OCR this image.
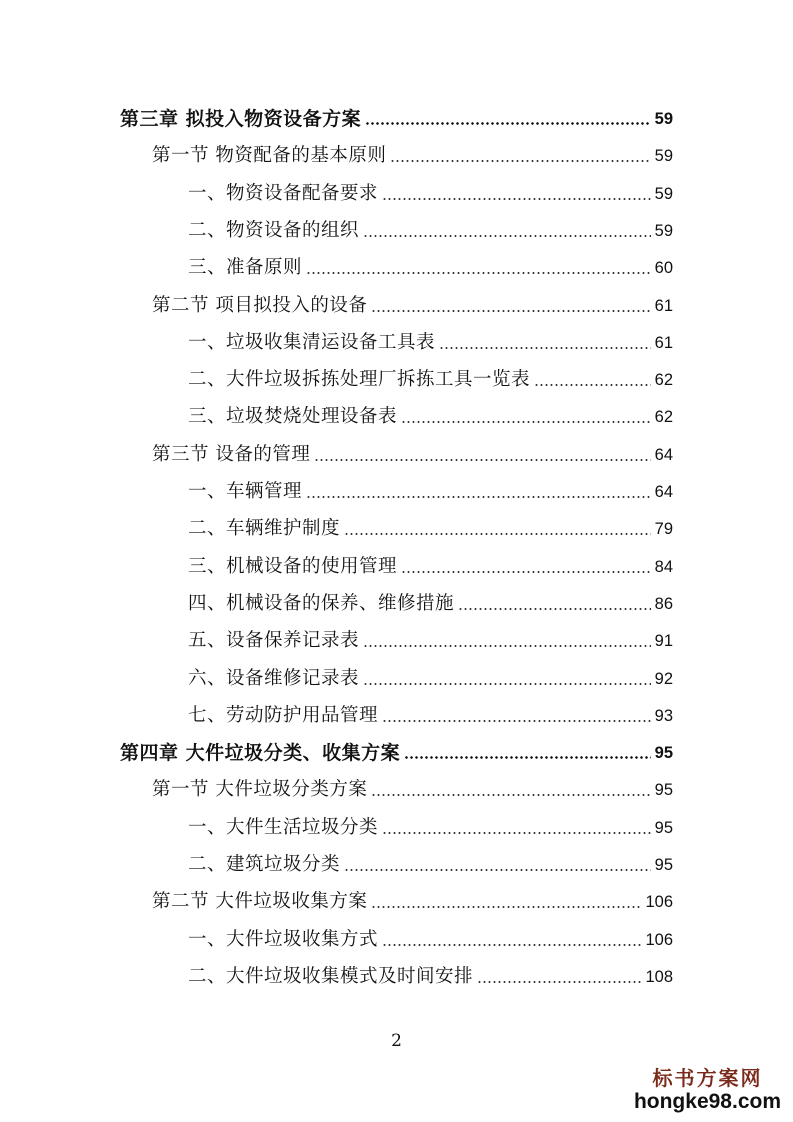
第三章 拟投入物资设备方案	59
第一节 物资配备的基本原则	59
一、物资设备配备要求	59
二、物资设备的组织	59
三、准备原则	60
第二节 项目拟投入的设备	61
一、垃圾收集清运设备工具表	61
二、大件垃圾拆拣处理厂拆拣工具一览表	62
三、垃圾焚烧处理设备表	62
第三节 设备的管理	64
一、车辆管理	64
二、车辆维护制度	79
三、机械设备的使用管理	84
四、机械设备的保养、维修措施	86
五、设备保养记录表	91
六、设备维修记录表	92
七、劳动防护用品管理	93
第四章 大件垃圾分类、收集方案	95
第一节 大件垃圾分类方案	95
一、大件生活垃圾分类	95
二、建筑垃圾分类	95
第二节 大件垃圾收集方案	106
一、大件垃圾收集方式	106
二、大件垃圾收集模式及时间安排	108
2
标书方案网
hongke98.com
